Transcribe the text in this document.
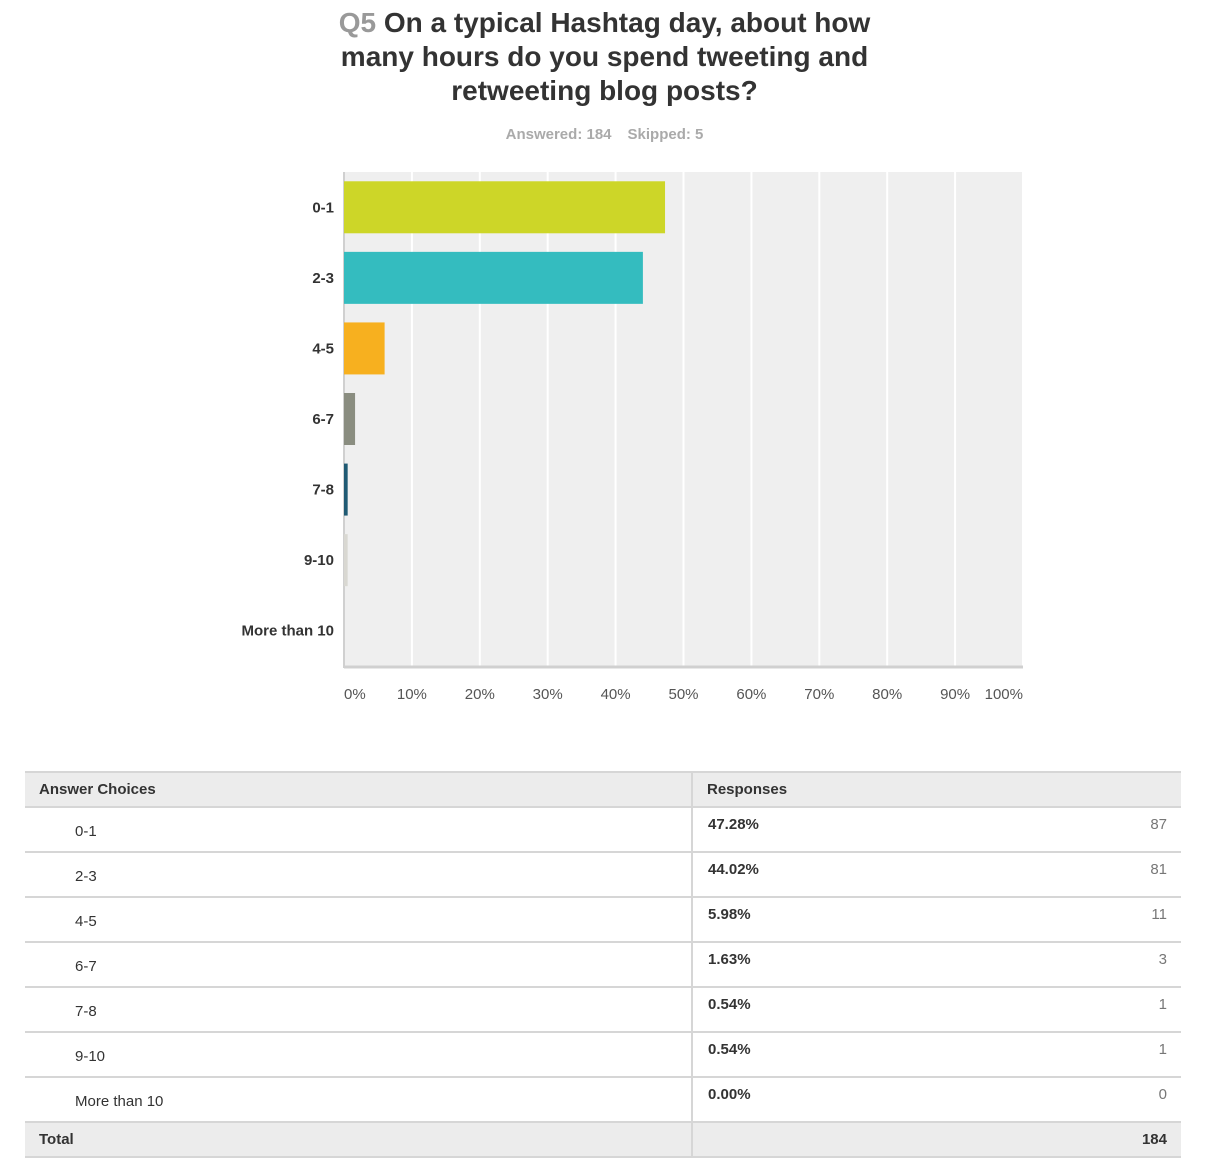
Q5 On a typical Hashtag day, about how
many hours do you spend tweeting and
retweeting blog posts?
Answered: 184 Skipped: 5
0-1
2-3
4-5
6-7
7-8
9-10
More than 10
0% 10%	20%	30%	40%	50%	60%	70%	80%	90% 100%
Answer Choices	Responses
0-1	47.28% 87

2-3	44.02% 81

4-5	5.98% 11

6-7	1.63% 3

7-8	0.54% 1

9-10	0.54% 1

More than 10	0.00% 0

Total	184
